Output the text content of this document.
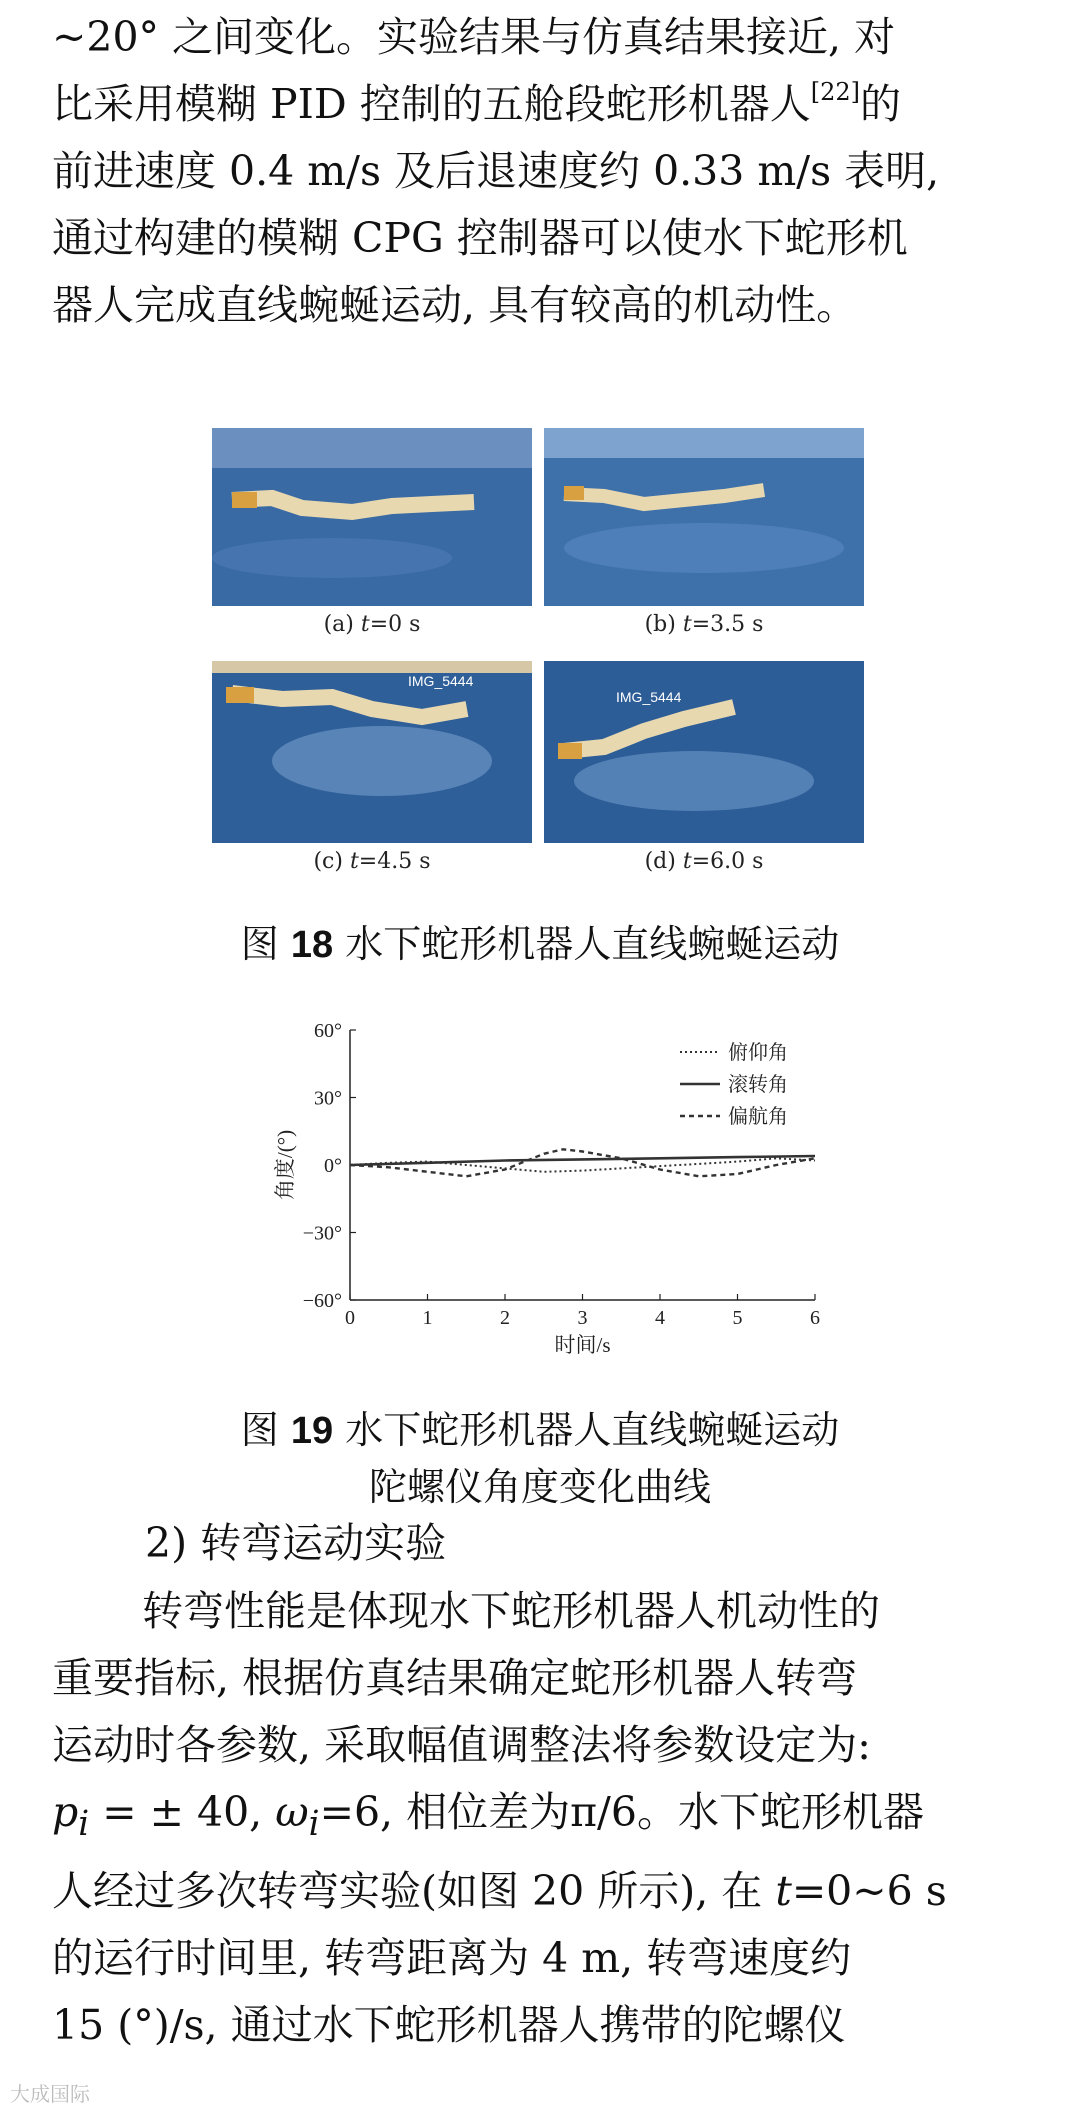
~20° 之间变化。实验结果与仿真结果接近, 对

比采用模糊 PID 控制的五舱段蛇形机器人[22]的

前进速度 0.4 m/s 及后退速度约 0.33 m/s 表明,

通过构建的模糊 CPG 控制器可以使水下蛇形机

器人完成直线蜿蜒运动, 具有较高的机动性。

(a) t=0 s	(b) t=3.5 s
IMG_5444
(c) t=4.5 s
IMG_5444
(d) t=6.0 s
图 18 水下蛇形机器人直线蜿蜒运动
60°
30°
0°
−30°
−60°
0	1	2	3	4	5	6
时间/s
角度/(°)
俯仰角
滚转角
偏航角
图 19 水下蛇形机器人直线蜿蜒运动
陀螺仪角度变化曲线
2) 转弯运动实验

转弯性能是体现水下蛇形机器人机动性的

重要指标, 根据仿真结果确定蛇形机器人转弯

运动时各参数, 采取幅值调整法将参数设定为:

$p_i$ = ± 40, $\omega_i=6$, 相位差为π/6。水下蛇形机器

人经过多次转弯实验(如图 20 所示), 在 t=0~6 s

的运行时间里, 转弯距离为 4 m, 转弯速度约

15 (°)/s, 通过水下蛇形机器人携带的陀螺仪

大成国际
